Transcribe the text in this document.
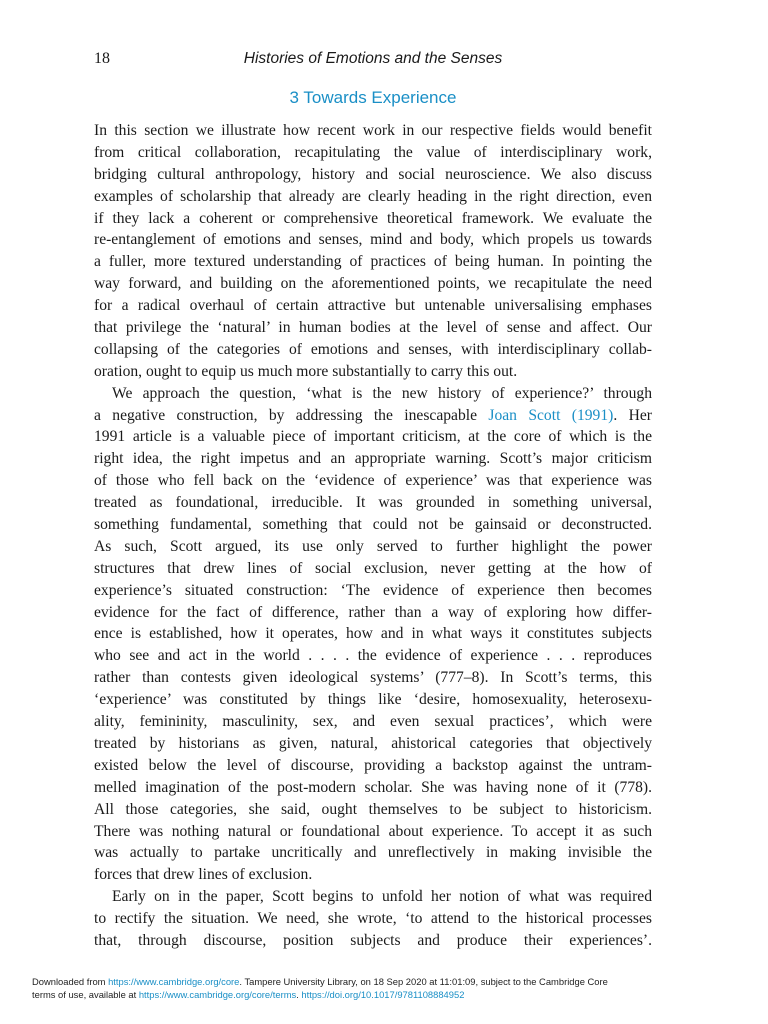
18	Histories of Emotions and the Senses
3 Towards Experience
In this section we illustrate how recent work in our respective fields would benefit
from critical collaboration, recapitulating the value of interdisciplinary work,
bridging cultural anthropology, history and social neuroscience. We also discuss
examples of scholarship that already are clearly heading in the right direction, even
if they lack a coherent or comprehensive theoretical framework. We evaluate the
re-entanglement of emotions and senses, mind and body, which propels us towards
a fuller, more textured understanding of practices of being human. In pointing the
way forward, and building on the aforementioned points, we recapitulate the need
for a radical overhaul of certain attractive but untenable universalising emphases
that privilege the ‘natural’ in human bodies at the level of sense and affect. Our
collapsing of the categories of emotions and senses, with interdisciplinary collab-
oration, ought to equip us much more substantially to carry this out.
We approach the question, ‘what is the new history of experience?’ through
a negative construction, by addressing the inescapable Joan Scott (1991). Her
1991 article is a valuable piece of important criticism, at the core of which is the
right idea, the right impetus and an appropriate warning. Scott’s major criticism
of those who fell back on the ‘evidence of experience’ was that experience was
treated as foundational, irreducible. It was grounded in something universal,
something fundamental, something that could not be gainsaid or deconstructed.
As such, Scott argued, its use only served to further highlight the power
structures that drew lines of social exclusion, never getting at the how of
experience’s situated construction: ‘The evidence of experience then becomes
evidence for the fact of difference, rather than a way of exploring how differ-
ence is established, how it operates, how and in what ways it constitutes subjects
who see and act in the world . . . . the evidence of experience . . . reproduces
rather than contests given ideological systems’ (777–8). In Scott’s terms, this
‘experience’ was constituted by things like ‘desire, homosexuality, heterosexu-
ality, femininity, masculinity, sex, and even sexual practices’, which were
treated by historians as given, natural, ahistorical categories that objectively
existed below the level of discourse, providing a backstop against the untram-
melled imagination of the post-modern scholar. She was having none of it (778).
All those categories, she said, ought themselves to be subject to historicism.
There was nothing natural or foundational about experience. To accept it as such
was actually to partake uncritically and unreflectively in making invisible the
forces that drew lines of exclusion.
Early on in the paper, Scott begins to unfold her notion of what was required
to rectify the situation. We need, she wrote, ‘to attend to the historical processes
that, through discourse, position subjects and produce their experiences’.
Downloaded from https://www.cambridge.org/core. Tampere University Library, on 18 Sep 2020 at 11:01:09, subject to the Cambridge Core
terms of use, available at https://www.cambridge.org/core/terms. https://doi.org/10.1017/9781108884952
